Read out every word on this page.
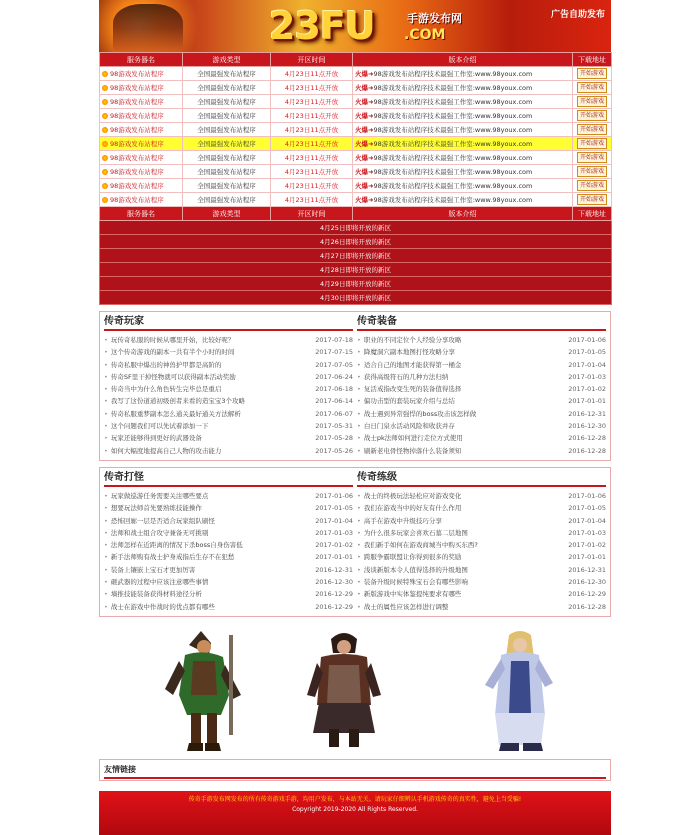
23FU	手游发布网
.COM
广告自助发布
服务器名	游戏类型	开区时间	版本介绍	下载地址
98游戏发布站程序	全国最强发布站程序	4月23日11点开放	火爆➜98游戏发布站程序技术最强工作室:www.98youx.com	开始游戏
98游戏发布站程序	全国最强发布站程序	4月23日11点开放	火爆➜98游戏发布站程序技术最强工作室:www.98youx.com	开始游戏
98游戏发布站程序	全国最强发布站程序	4月23日11点开放	火爆➜98游戏发布站程序技术最强工作室:www.98youx.com	开始游戏
98游戏发布站程序	全国最强发布站程序	4月23日11点开放	火爆➜98游戏发布站程序技术最强工作室:www.98youx.com	开始游戏
98游戏发布站程序	全国最强发布站程序	4月23日11点开放	火爆➜98游戏发布站程序技术最强工作室:www.98youx.com	开始游戏
98游戏发布站程序	全国最强发布站程序	4月23日11点开放	火爆➜98游戏发布站程序技术最强工作室:www.98youx.com	开始游戏
98游戏发布站程序	全国最强发布站程序	4月23日11点开放	火爆➜98游戏发布站程序技术最强工作室:www.98youx.com	开始游戏
98游戏发布站程序	全国最强发布站程序	4月23日11点开放	火爆➜98游戏发布站程序技术最强工作室:www.98youx.com	开始游戏
98游戏发布站程序	全国最强发布站程序	4月23日11点开放	火爆➜98游戏发布站程序技术最强工作室:www.98youx.com	开始游戏
98游戏发布站程序	全国最强发布站程序	4月23日11点开放	火爆➜98游戏发布站程序技术最强工作室:www.98youx.com	开始游戏
服务器名	游戏类型	开区时间	版本介绍	下载地址
4月25日即将开放的新区				
4月26日即将开放的新区				
4月27日即将开放的新区				
4月28日即将开放的新区				
4月29日即将开放的新区				
4月30日即将开放的新区				
传奇玩家
• 玩传奇私服的时候从哪里开始，比较好呢？	2017-07-18
• 这个传奇游戏的副本一共有半个小时的时间	2017-07-15
• 传奇私服中爆出的神兽护甲都是高阶的	2017-07-05
• 传奇SF里干掉怪物就可以获得副本活动奖励	2017-06-24
• 传奇当中为什么角色转生完毕总是重启	2017-06-18
• 我写了这份道道初级创者来看的造宝宝3个攻略	2017-06-14
• 传奇私服重梦副本怎么通关最好通关方法解析	2017-06-07
• 这个问题我们可以先试着添加一下	2017-05-31
• 玩家还能够得到更好的武器设备	2017-05-28
• 如何大幅度地提高自己人物的攻击能力	2017-05-26
传奇装备
• 职业的不同定位个人经验分享攻略	2017-01-06
• 降魔洞穴副本地图打怪攻略分享	2017-01-05
• 适合自己的地图才能获得第一桶金	2017-01-04
• 获得高级符石的几种方法归纳	2017-01-03
• 复活戒指改变生死的装备值得选择	2017-01-02
• 偏功击型的套装玩家介绍与总结	2017-01-01
• 战士遇到异常强悍的boss攻击该怎样做	2016-12-31
• 白日门泉水活动风险和收获并存	2016-12-30
• 战士pk法师如何进行走位方式使用	2016-12-28
• 刷新老电骨怪物掉落什么装备须知	2016-12-28
传奇打怪
• 玩家做巡游任务需要关注哪些要点	2017-01-06
• 想要玩法师首先要熟练技能操作	2017-01-05
• 恐怖回廊一层是否适合玩家组队刷怪	2017-01-04
• 法师和战士组合攻守兼备无可挑剔	2017-01-03
• 法师怎样在近距离的情况下杀boss自身伤害低	2017-01-02
• 新手法师购有战士护身戒指后生存不在犯愁	2017-01-01
• 装备上镶嵌上宝石才更加厉害	2016-12-31
• 砸武器的过程中应该注意哪些事情	2016-12-30
• 墙推技能装备获得材料途径分析	2016-12-29
• 战士在游戏中作战时的优点都有哪些	2016-12-29
传奇练级
• 战士的终极玩法轻松应对游戏变化	2017-01-06
• 我们在游戏当中的好友有什么作用	2017-01-05
• 高手在游戏中升级技巧分享	2017-01-04
• 为什么很多玩家会喜欢石墓二层地图	2017-01-03
• 我们新手如何在游戏商城当中购买东西?	2017-01-02
• 跨服争霸联盟让你得到很多的奖励	2017-01-01
• 浅谈新版本令人值得选择的升级地图	2016-12-31
• 装备升级时候特殊宝石会有哪些影响	2016-12-30
• 新版游戏中实体鉴提纯要求有哪些	2016-12-29
• 战士的属性应该怎样进行调整	2016-12-28
友情链接
传奇手游发布网发布的所有传奇游戏手游，均用户发布，与本站无关。请玩家仔细辨认手机游戏传奇的真实性，避免上当受骗!
Copyright 2019-2020 All Rights Reserved.
